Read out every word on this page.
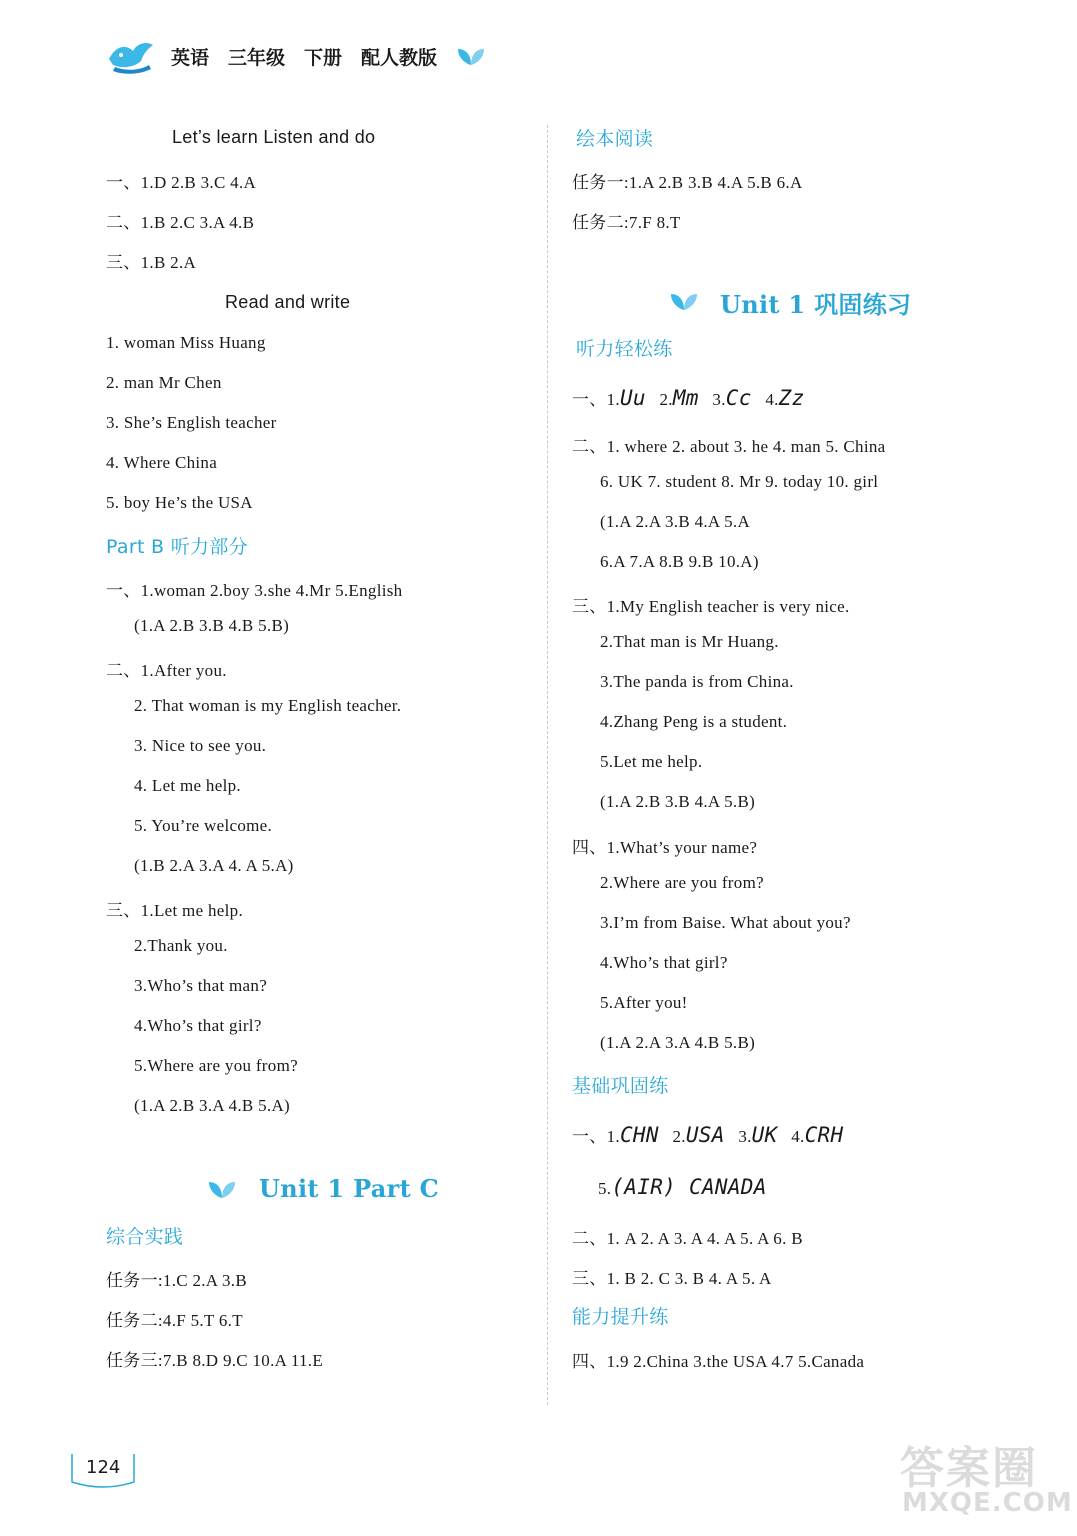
英语 三年级 下册 配人教版
Let’s learn Listen and do
一、1.D 2.B 3.C 4.A
二、1.B 2.C 3.A 4.B
三、1.B 2.A
Read and write
1. woman Miss Huang
2. man Mr Chen
3. She’s English teacher
4. Where China
5. boy He’s the USA
Part B 听力部分
一、1.woman 2.boy 3.she 4.Mr 5.English
(1.A 2.B 3.B 4.B 5.B)
二、1.After you.
2. That woman is my English teacher.
3. Nice to see you.
4. Let me help.
5. You’re welcome.
(1.B 2.A 3.A 4. A 5.A)
三、1.Let me help.
2.Thank you.
3.Who’s that man?
4.Who’s that girl?
5.Where are you from?
(1.A 2.B 3.A 4.B 5.A)
Unit 1 Part C
综合实践
任务一:1.C 2.A 3.B
任务二:4.F 5.T 6.T
任务三:7.B 8.D 9.C 10.A 11.E
绘本阅读
任务一:1.A 2.B 3.B 4.A 5.B 6.A
任务二:7.F 8.T
Unit 1 巩固练习
听力轻松练
一、1.Uu 2.Mm 3.Cc 4.Zz
二、1. where 2. about 3. he 4. man 5. China
6. UK 7. student 8. Mr 9. today 10. girl
(1.A 2.A 3.B 4.A 5.A
6.A 7.A 8.B 9.B 10.A)
三、1.My English teacher is very nice.
2.That man is Mr Huang.
3.The panda is from China.
4.Zhang Peng is a student.
5.Let me help.
(1.A 2.B 3.B 4.A 5.B)
四、1.What’s your name?
2.Where are you from?
3.I’m from Baise. What about you?
4.Who’s that girl?
5.After you!
(1.A 2.A 3.A 4.B 5.B)
基础巩固练
一、1.CHN 2.USA 3.UK 4.CRH
5.(AIR) CANADA
二、1. A 2. A 3. A 4. A 5. A 6. B
三、1. B 2. C 3. B 4. A 5. A
能力提升练
四、1.9 2.China 3.the USA 4.7 5.Canada
124	答案圈
MXQE.COM
